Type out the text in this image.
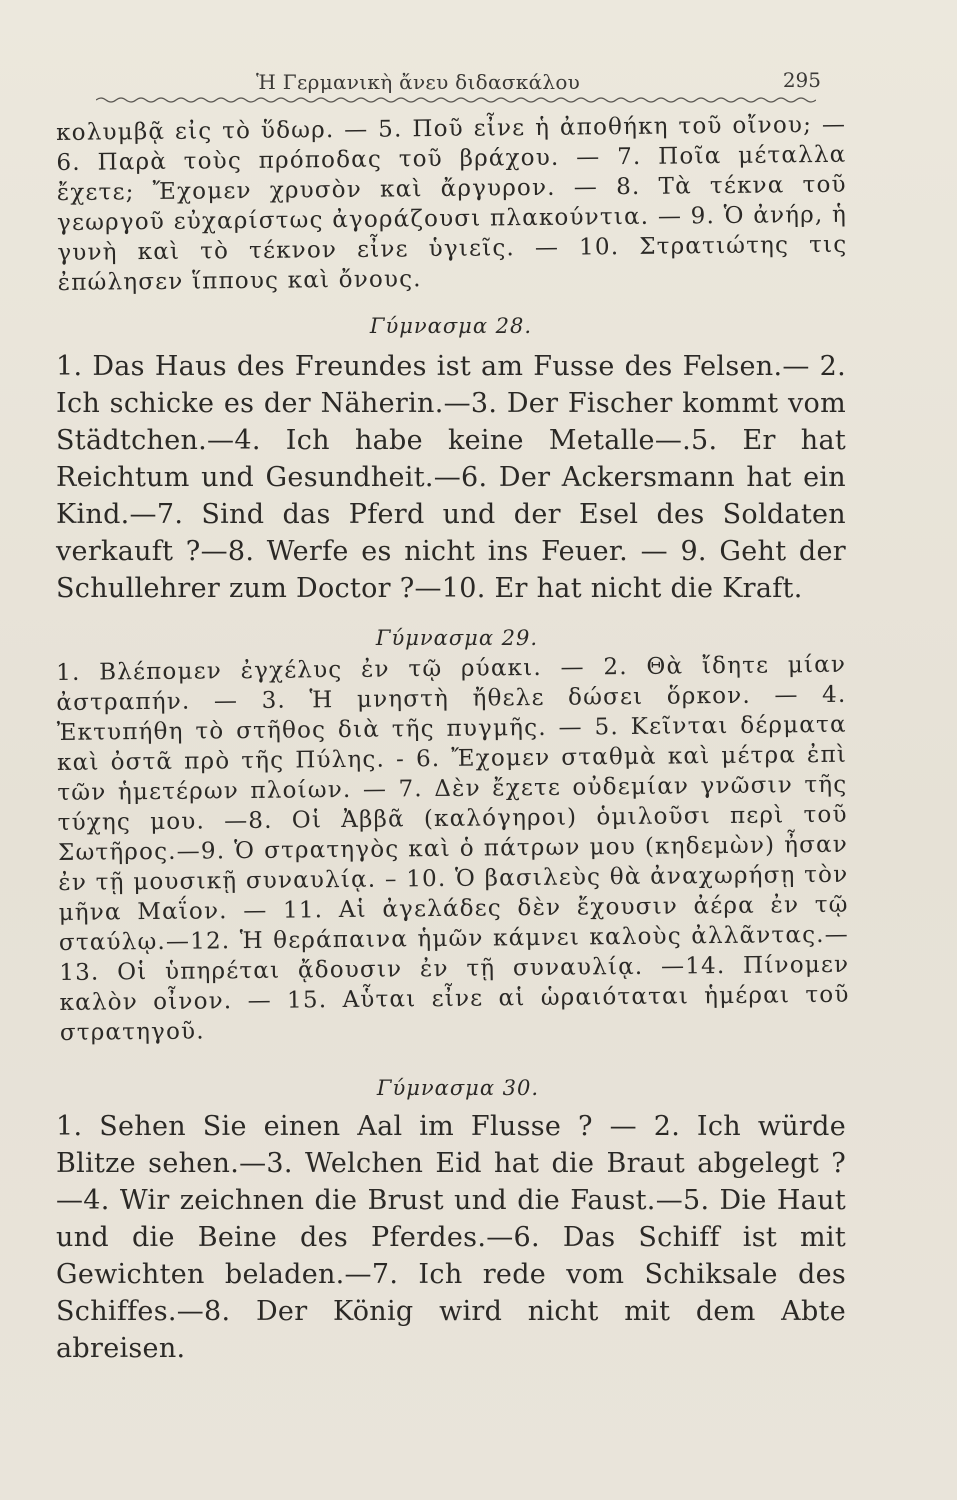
Ἡ Γερμανικὴ ἄνευ διδασκάλου	295

κολυμβᾷ εἰς τὸ ὕδωρ. — 5. Ποῦ εἶνε ἡ ἀποθήκη τοῦ οἴνου; — 6. Παρὰ τοὺς πρόποδας τοῦ βράχου. — 7. Ποῖα μέταλλα ἔχετε; Ἔχομεν χρυσὸν καὶ ἄργυρον. — 8. Τὰ τέκνα τοῦ γεωργοῦ εὐχαρίστως ἀγοράζουσι πλακούντια. — 9. Ὁ ἀνήρ, ἡ γυνὴ καὶ τὸ τέκνον εἶνε ὑγιεῖς. — 10. Στρατιώτης τις ἐπώλησεν ἵππους καὶ ὄνους.

Γύμνασμα 28.

1. Das Haus des Freundes ist am Fusse des Felsen.— 2. Ich schicke es der Näherin.—3. Der Fischer kommt vom Städtchen.—4. Ich habe keine Metalle—.5. Er hat Reichtum und Gesundheit.—6. Der Ackersmann hat ein Kind.—7. Sind das Pferd und der Esel des Soldaten verkauft ?—8. Werfe es nicht ins Feuer. — 9. Geht der Schullehrer zum Doctor ?—10. Er hat nicht die Kraft.

Γύμνασμα 29.

1. Βλέπομεν ἐγχέλυς ἐν τῷ ρύακι. — 2. Θὰ ἴδητε μίαν ἀστραπήν. — 3. Ἡ μνηστὴ ἤθελε δώσει ὅρκον. — 4. Ἐκτυπήθη τὸ στῆθος διὰ τῆς πυγμῆς. — 5. Κεῖνται δέρματα καὶ ὀστᾶ πρὸ τῆς Πύλης. - 6. Ἔχομεν σταθμὰ καὶ μέτρα ἐπὶ τῶν ἡμετέρων πλοίων. — 7. Δὲν ἔχετε οὐδεμίαν γνῶσιν τῆς τύχης μου. —8. Οἱ Ἀββᾶ (καλόγηροι) ὁμιλοῦσι περὶ τοῦ Σωτῆρος.—9. Ὁ στρατηγὸς καὶ ὁ πάτρων μου (κηδεμὼν) ἦσαν ἐν τῇ μουσικῇ συναυλίᾳ. – 10. Ὁ βασιλεὺς θὰ ἀναχωρήσῃ τὸν μῆνα Μαΐον. — 11. Αἱ ἀγελάδες δὲν ἔχουσιν ἀέρα ἐν τῷ σταύλῳ.—12. Ἡ θεράπαινα ἡμῶν κάμνει καλοὺς ἀλλᾶντας.—13. Οἱ ὑπηρέται ᾄδουσιν ἐν τῇ συναυλίᾳ. —14. Πίνομεν καλὸν οἶνον. — 15. Αὗται εἶνε αἱ ὡραιόταται ἡμέραι τοῦ στρατηγοῦ.

Γύμνασμα 30.

1. Sehen Sie einen Aal im Flusse ? — 2. Ich würde Blitze sehen.—3. Welchen Eid hat die Braut abgelegt ? —4. Wir zeichnen die Brust und die Faust.—5. Die Haut und die Beine des Pferdes.—6. Das Schiff ist mit Gewichten beladen.—7. Ich rede vom Schiksale des Schiffes.—8. Der König wird nicht mit dem Abte abreisen.
